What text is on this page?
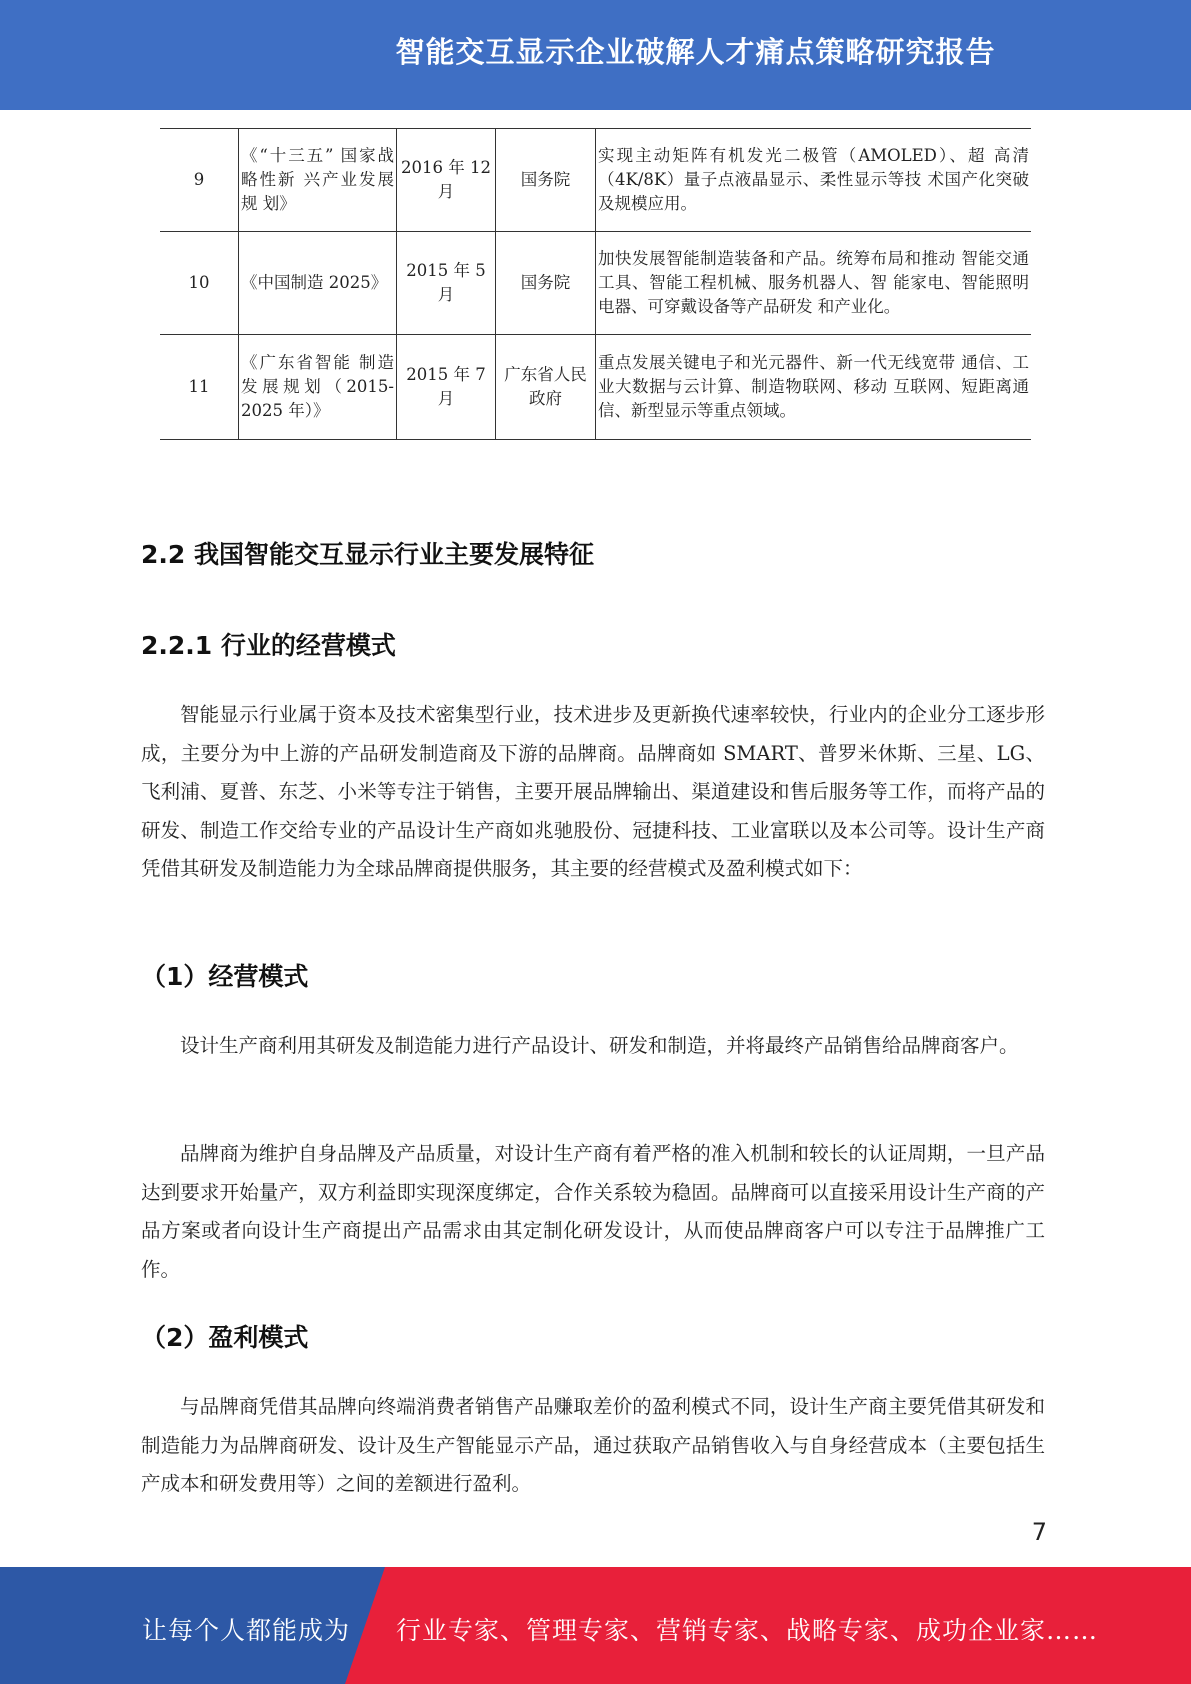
智能交互显示企业破解人才痛点策略研究报告
9	《“十三五” 国家战略性新 兴产业发展规 划》	2016 年 12 月	国务院	实现主动矩阵有机发光二极管（AMOLED）、超 高清（4K/8K）量子点液晶显示、柔性显示等技 术国产化突破及规模应用。
10	《中国制造 2025》	2015 年 5 月	国务院	加快发展智能制造装备和产品。统筹布局和推动 智能交通工具、智能工程机械、服务机器人、智 能家电、智能照明电器、可穿戴设备等产品研发 和产业化。
11	《广东省智能 制造发展规划（2015-2025 年）》	2015 年 7 月	广东省人民政府	重点发展关键电子和光元器件、新一代无线宽带 通信、工业大数据与云计算、制造物联网、移动 互联网、短距离通信、新型显示等重点领域。
2.2 我国智能交互显示行业主要发展特征
2.2.1 行业的经营模式

智能显示行业属于资本及技术密集型行业，技术进步及更新换代速率较快，行业内的企业分工逐步形成，主要分为中上游的产品研发制造商及下游的品牌商。品牌商如 SMART、普罗米休斯、三星、LG、飞利浦、夏普、东芝、小米等专注于销售，主要开展品牌输出、渠道建设和售后服务等工作，而将产品的研发、制造工作交给专业的产品设计生产商如兆驰股份、冠捷科技、工业富联以及本公司等。设计生产商凭借其研发及制造能力为全球品牌商提供服务，其主要的经营模式及盈利模式如下：

（1）经营模式

设计生产商利用其研发及制造能力进行产品设计、研发和制造，并将最终产品销售给品牌商客户。

品牌商为维护自身品牌及产品质量，对设计生产商有着严格的准入机制和较长的认证周期，一旦产品达到要求开始量产，双方利益即实现深度绑定，合作关系较为稳固。品牌商可以直接采用设计生产商的产品方案或者向设计生产商提出产品需求由其定制化研发设计，从而使品牌商客户可以专注于品牌推广工作。

（2）盈利模式

与品牌商凭借其品牌向终端消费者销售产品赚取差价的盈利模式不同，设计生产商主要凭借其研发和制造能力为品牌商研发、设计及生产智能显示产品，通过获取产品销售收入与自身经营成本（主要包括生产成本和研发费用等）之间的差额进行盈利。

7
让每个人都能成为 行业专家、管理专家、营销专家、战略专家、成功企业家……
